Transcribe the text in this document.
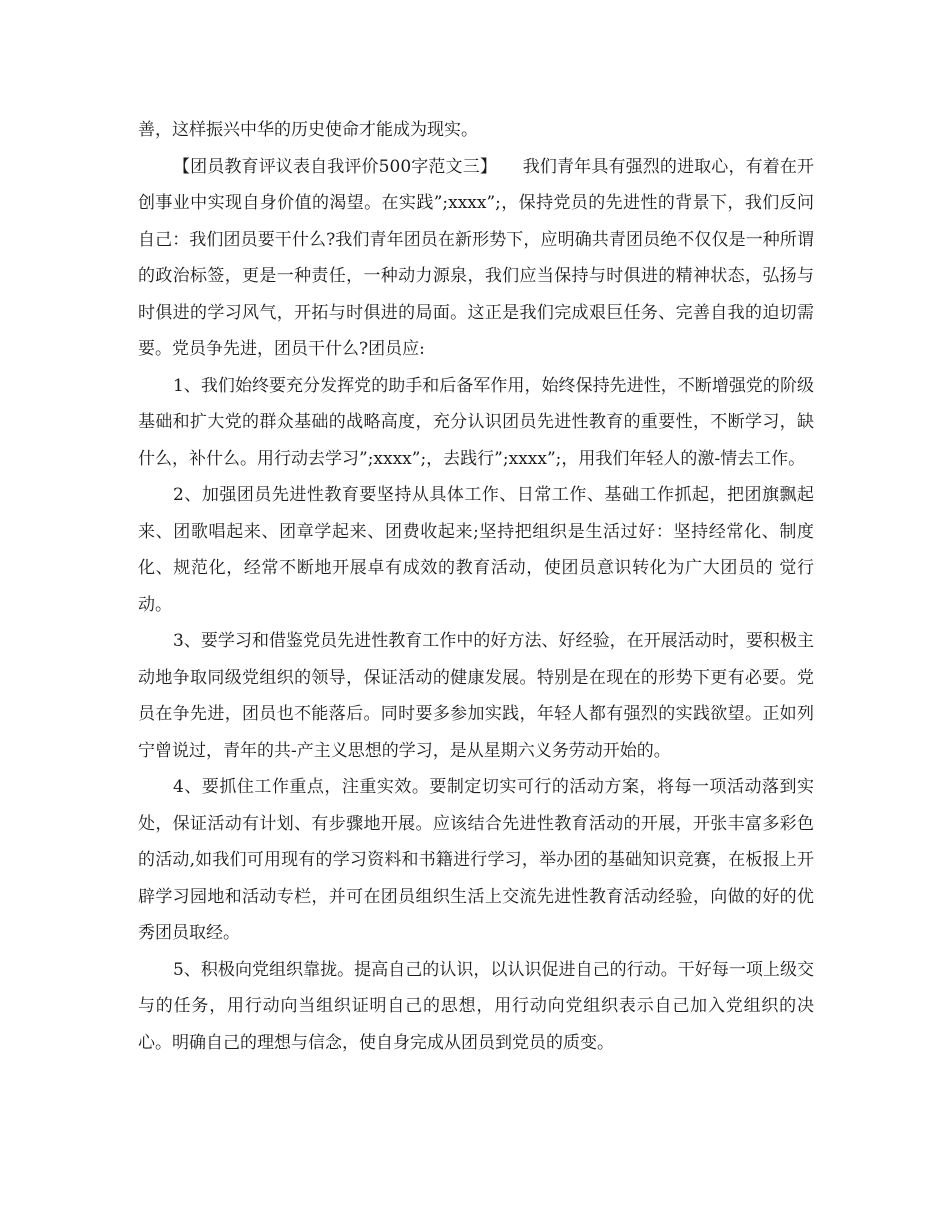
善，这样振兴中华的历史使命才能成为现实。

【团员教育评议表自我评价500字范文三】　　我们青年具有强烈的进取心，有着在开创事业中实现自身价值的渴望。在实践”;xxxx”;，保持党员的先进性的背景下，我们反问自己：我们团员要干什么?我们青年团员在新形势下，应明确共青团员绝不仅仅是一种所谓的政治标签，更是一种责任，一种动力源泉，我们应当保持与时俱进的精神状态，弘扬与时俱进的学习风气，开拓与时俱进的局面。这正是我们完成艰巨任务、完善自我的迫切需要。党员争先进，团员干什么?团员应:

1、我们始终要充分发挥党的助手和后备军作用，始终保持先进性，不断增强党的阶级基础和扩大党的群众基础的战略高度，充分认识团员先进性教育的重要性，不断学习，缺什么，补什么。用行动去学习”;xxxx”;，去践行”;xxxx”;，用我们年轻人的激-情去工作。

2、加强团员先进性教育要坚持从具体工作、日常工作、基础工作抓起，把团旗飘起来、团歌唱起来、团章学起来、团费收起来;坚持把组织是生活过好：坚持经常化、制度化、规范化，经常不断地开展卓有成效的教育活动，使团员意识转化为广大团员的 觉行动。

3、要学习和借鉴党员先进性教育工作中的好方法、好经验，在开展活动时，要积极主动地争取同级党组织的领导，保证活动的健康发展。特别是在现在的形势下更有必要。党员在争先进，团员也不能落后。同时要多参加实践，年轻人都有强烈的实践欲望。正如列宁曾说过，青年的共-产主义思想的学习，是从星期六义务劳动开始的。

4、要抓住工作重点，注重实效。要制定切实可行的活动方案，将每一项活动落到实处，保证活动有计划、有步骤地开展。应该结合先进性教育活动的开展，开张丰富多彩色的活动,如我们可用现有的学习资料和书籍进行学习，举办团的基础知识竞赛，在板报上开辟学习园地和活动专栏，并可在团员组织生活上交流先进性教育活动经验，向做的好的优秀团员取经。

5、积极向党组织靠拢。提高自己的认识，以认识促进自己的行动。干好每一项上级交与的任务，用行动向当组织证明自己的思想，用行动向党组织表示自己加入党组织的决心。明确自己的理想与信念，使自身完成从团员到党员的质变。
